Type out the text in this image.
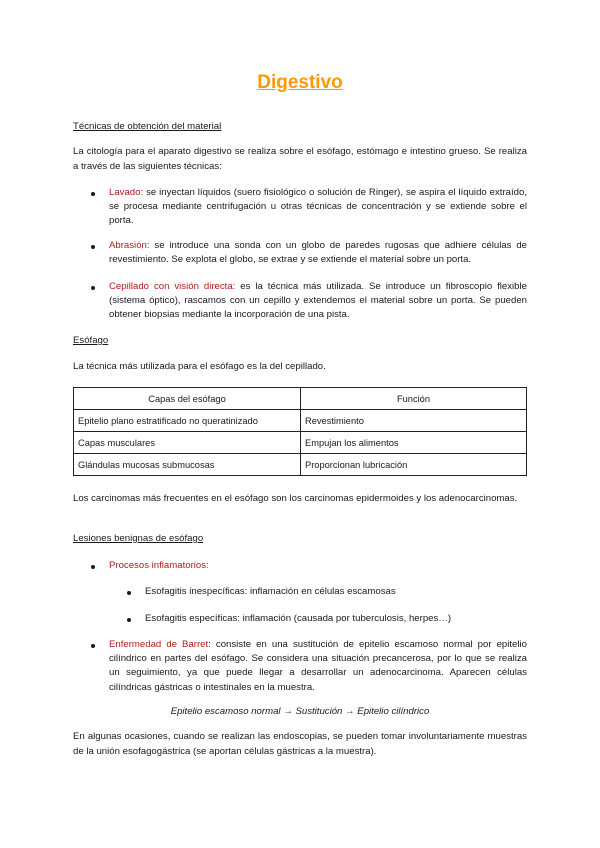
Digestivo
Técnicas de obtención del material
La citología para el aparato digestivo se realiza sobre el esófago, estómago e intestino grueso. Se realiza a través de las siguientes técnicas:
Lavado: se inyectan líquidos (suero fisiológico o solución de Ringer), se aspira el líquido extraído, se procesa mediante centrifugación u otras técnicas de concentración y se extiende sobre el porta.
Abrasión: se introduce una sonda con un globo de paredes rugosas que adhiere células de revestimiento. Se explota el globo, se extrae y se extiende el material sobre un porta.
Cepillado con visión directa: es la técnica más utilizada. Se introduce un fibroscopio flexible (sistema óptico), rascamos con un cepillo y extendemos el material sobre un porta. Se pueden obtener biopsias mediante la incorporación de una pista.
Esófago
La técnica más utilizada para el esófago es la del cepillado.
Capas del esófago	Función
Epitelio plano estratificado no queratinizado	Revestimiento
Capas musculares	Empujan los alimentos
Glándulas mucosas submucosas	Proporcionan lubricación
Los carcinomas más frecuentes en el esófago son los carcinomas epidermoides y los adenocarcinomas.
Lesiones benignas de esófago
Procesos inflamatorios:
Esofagitis inespecíficas: inflamación en células escamosas
Esofagitis específicas: inflamación (causada por tuberculosis, herpes…)
Enfermedad de Barret: consiste en una sustitución de epitelio escamoso normal por epitelio cilíndrico en partes del esófago. Se considera una situación precancerosa, por lo que se realiza un seguimiento, ya que puede llegar a desarrollar un adenocarcinoma. Aparecen células cilíndricas gástricas o intestinales en la muestra.
Epitelio escamoso normal → Sustitución → Epitelio cilíndrico
En algunas ocasiones, cuando se realizan las endoscopias, se pueden tomar involuntariamente muestras de la unión esofagogástrica (se aportan células gástricas a la muestra).
